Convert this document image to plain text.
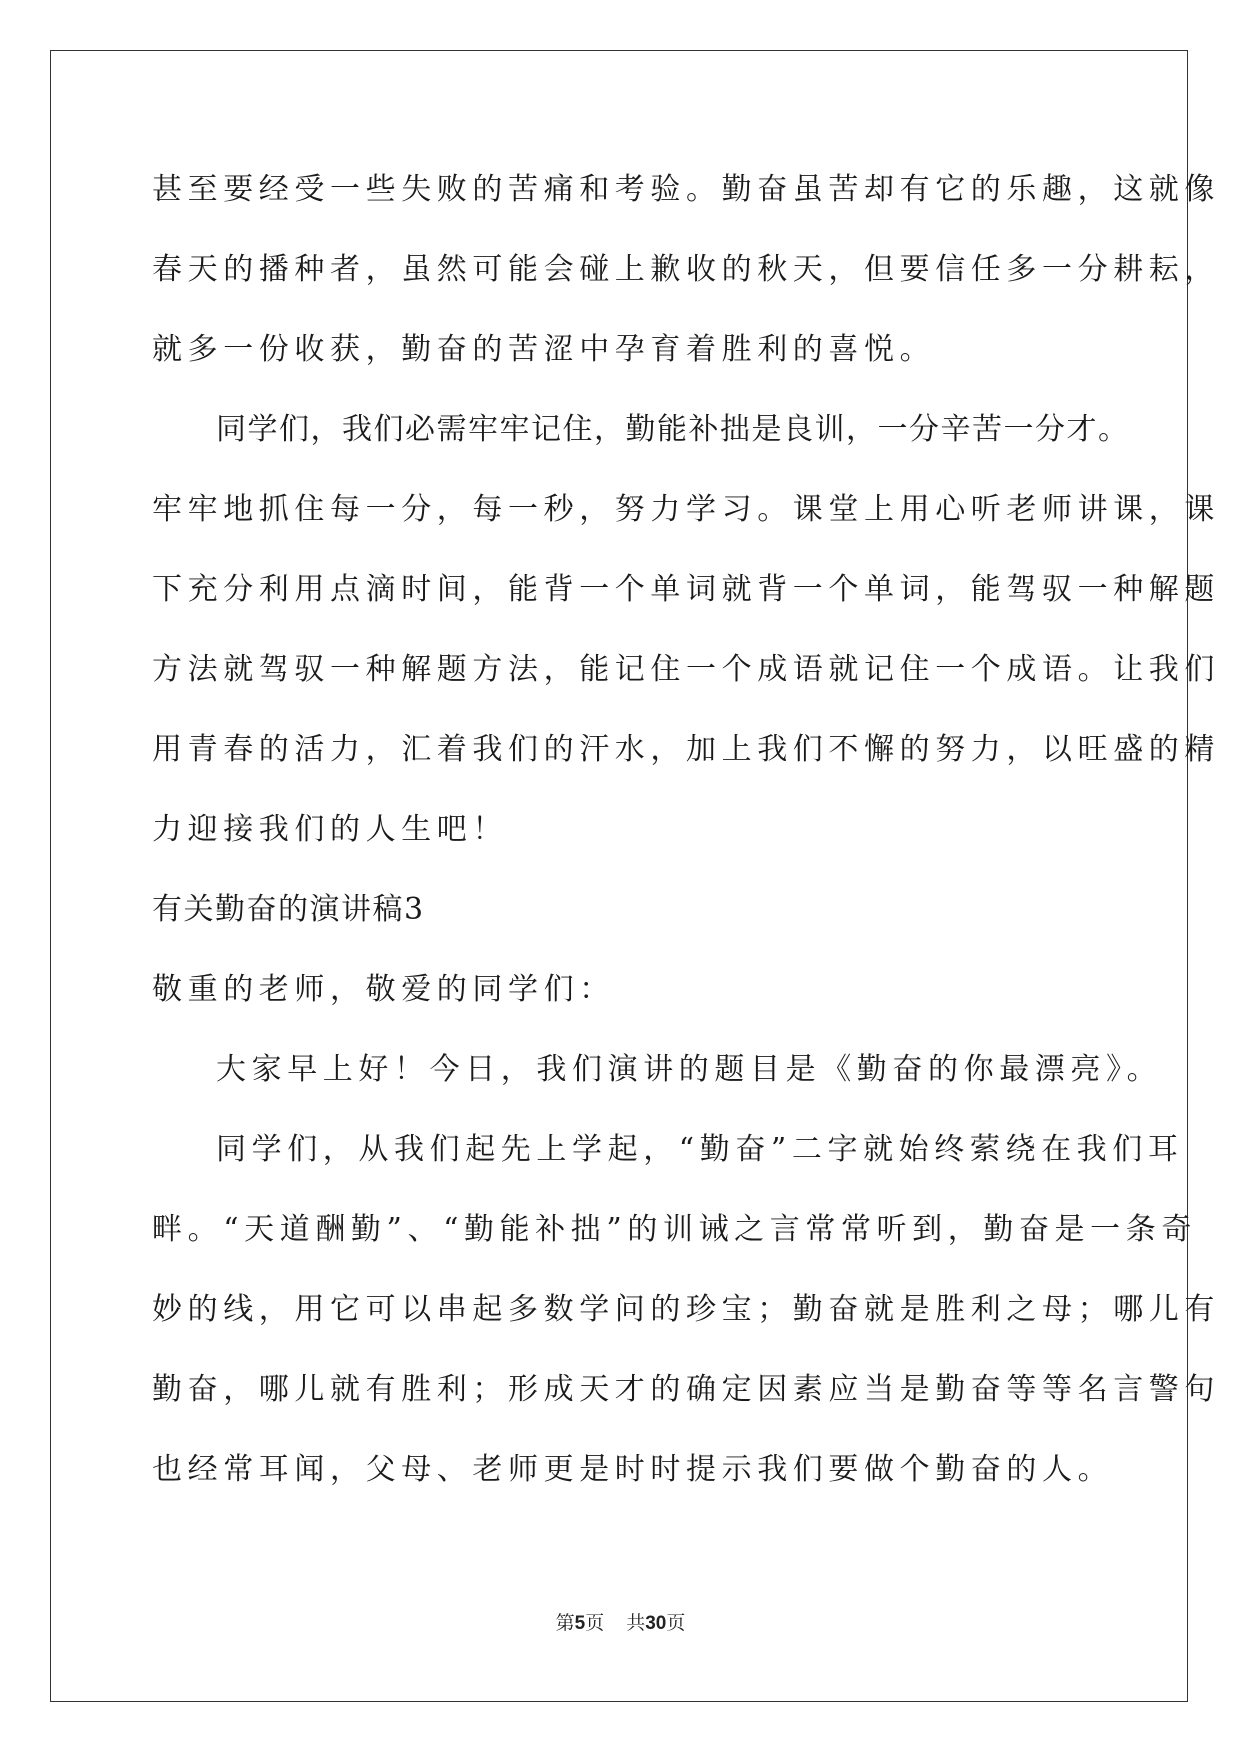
甚至要经受一些失败的苦痛和考验。勤奋虽苦却有它的乐趣，这就像
春天的播种者，虽然可能会碰上歉收的秋天，但要信任多一分耕耘，
就多一份收获，勤奋的苦涩中孕育着胜利的喜悦。
同学们，我们必需牢牢记住，勤能补拙是良训，一分辛苦一分才。
牢牢地抓住每一分，每一秒，努力学习。课堂上用心听老师讲课，课
下充分利用点滴时间，能背一个单词就背一个单词，能驾驭一种解题
方法就驾驭一种解题方法，能记住一个成语就记住一个成语。让我们
用青春的活力，汇着我们的汗水，加上我们不懈的努力，以旺盛的精
力迎接我们的人生吧！
有关勤奋的演讲稿3
敬重的老师，敬爱的同学们：
大家早上好！今日，我们演讲的题目是《勤奋的你最漂亮》。
同学们，从我们起先上学起，“勤奋”二字就始终萦绕在我们耳
畔。“天道酬勤”、“勤能补拙”的训诫之言常常听到，勤奋是一条奇
妙的线，用它可以串起多数学问的珍宝；勤奋就是胜利之母；哪儿有
勤奋，哪儿就有胜利；形成天才的确定因素应当是勤奋等等名言警句
也经常耳闻，父母、老师更是时时提示我们要做个勤奋的人。
第5页 共30页
